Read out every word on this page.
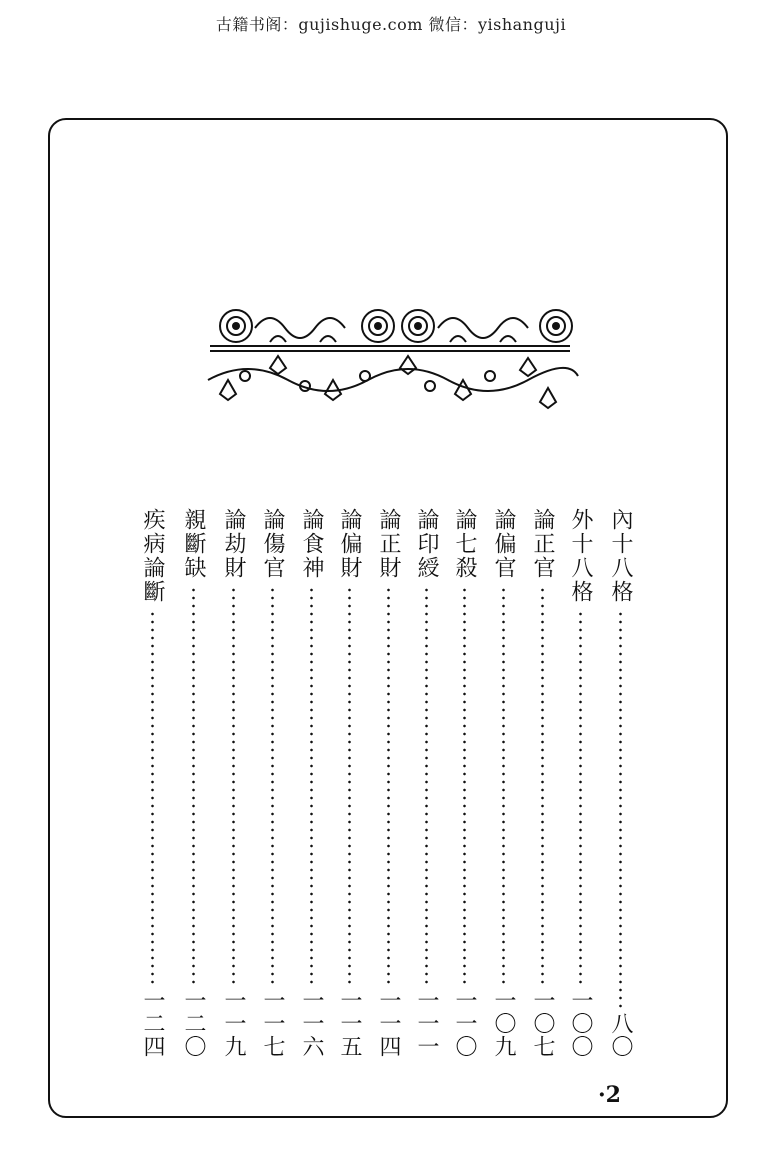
古籍书阁：gujishuge.com 微信：yishanguji
內十八格
八〇
外十八格
一〇〇
論正官
一〇七
論偏官
一〇九
論七殺
一一〇
論印綬
一一一
論正財
一一四
論偏財
一一五
論食神
一一六
論傷官
一一七
論劫財
一一九
親斷缺
一二〇
疾病論斷
一二四
·2
